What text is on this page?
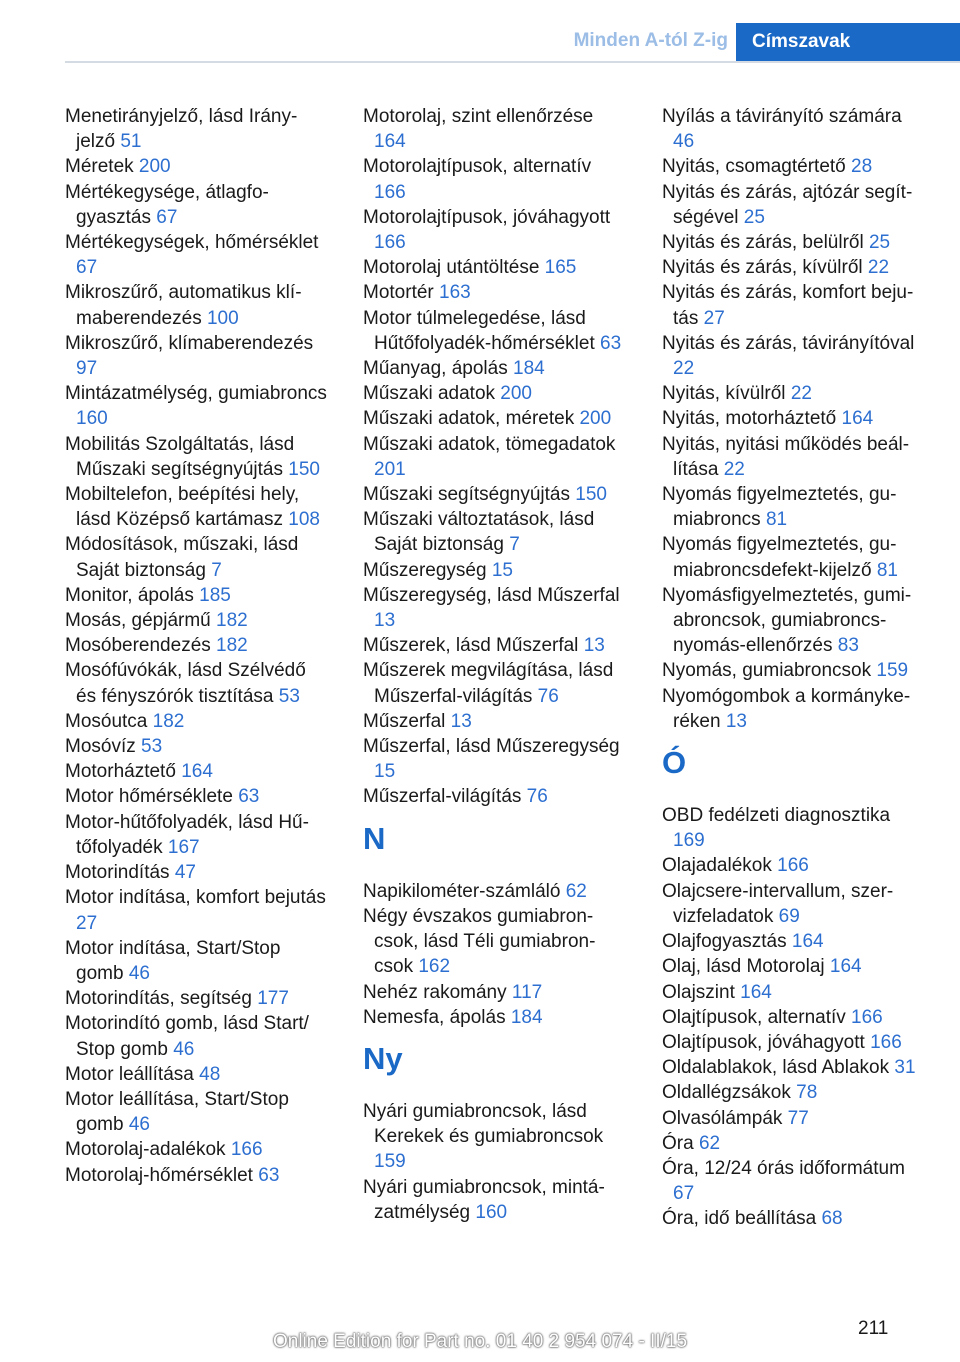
Minden A-tól Z-ig	Címszavak
Menetirányjelző, lásd Irányjelző 51
Méretek 200
Mértékegysége, átlagfogyasztás 67
Mértékegységek, hőmérséklet 67
Mikroszűrő, automatikus klímaberendezés 100
Mikroszűrő, klímaberendezés 97
Mintázatmélység, gumiabroncs 160
Mobilitás Szolgáltatás, lásd Műszaki segítségnyújtás 150
Mobiltelefon, beépítési hely, lásd Középső kartámasz 108
Módosítások, műszaki, lásd Saját biztonság 7
Monitor, ápolás 185
Mosás, gépjármű 182
Mosóberendezés 182
Mosófúvókák, lásd Szélvédő és fényszórók tisztítása 53
Mosóutca 182
Mosóvíz 53
Motorháztető 164
Motor hőmérséklete 63
Motor-hűtőfolyadék, lásd Hűtőfolyadék 167
Motorindítás 47
Motor indítása, komfort bejutás 27
Motor indítása, Start/Stop gomb 46
Motorindítás, segítség 177
Motorindító gomb, lásd Start/ Stop gomb 46
Motor leállítása 48
Motor leállítása, Start/Stop gomb 46
Motorolaj-adalékok 166
Motorolaj-hőmérséklet 63
Motorolaj, szint ellenőrzése 164
Motorolajtípusok, alternatív 166
Motorolajtípusok, jóváhagyott 166
Motorolaj utántöltése 165
Motortér 163
Motor túlmelegedése, lásd Hűtőfolyadék-hőmérséklet 63
Műanyag, ápolás 184
Műszaki adatok 200
Műszaki adatok, méretek 200
Műszaki adatok, tömegadatok 201
Műszaki segítségnyújtás 150
Műszaki változtatások, lásd Saját biztonság 7
Műszeregység 15
Műszeregység, lásd Műszerfal 13
Műszerek, lásd Műszerfal 13
Műszerek megvilágítása, lásd Műszerfal-világítás 76
Műszerfal 13
Műszerfal, lásd Műszeregység 15
Műszerfal-világítás 76
N
Napikilométer-számláló 62
Négy évszakos gumiabroncsok, lásd Téli gumiabroncsok 162
Nehéz rakomány 117
Nemesfa, ápolás 184
Ny
Nyári gumiabroncsok, lásd Kerekek és gumiabroncsok 159
Nyári gumiabroncsok, mintázatmélység 160
Nyílás a távirányító számára 46
Nyitás, csomagtértető 28
Nyitás és zárás, ajtózár segítségével 25
Nyitás és zárás, belülről 25
Nyitás és zárás, kívülről 22
Nyitás és zárás, komfort bejutás 27
Nyitás és zárás, távirányítóval 22
Nyitás, kívülről 22
Nyitás, motorháztető 164
Nyitás, nyitási működés beállítása 22
Nyomás figyelmeztetés, gumiabroncs 81
Nyomás figyelmeztetés, gumiabroncsdefekt-kijelző 81
Nyomásfigyelmeztetés, gumiabroncsok, gumiabroncsnyomás-ellenőrzés 83
Nyomás, gumiabroncsok 159
Nyomógombok a kormánykeréken 13
Ó
OBD fedélzeti diagnosztika 169
Olajadalékok 166
Olajcsere-intervallum, szervizfeladatok 69
Olajfogyasztás 164
Olaj, lásd Motorolaj 164
Olajszint 164
Olajtípusok, alternatív 166
Olajtípusok, jóváhagyott 166
Oldalablakok, lásd Ablakok 31
Oldallégzsákok 78
Olvasólámpák 77
Óra 62
Óra, 12/24 órás időformátum 67
Óra, idő beállítása 68
211
Online Edition for Part no. 01 40 2 954 074 - II/15
